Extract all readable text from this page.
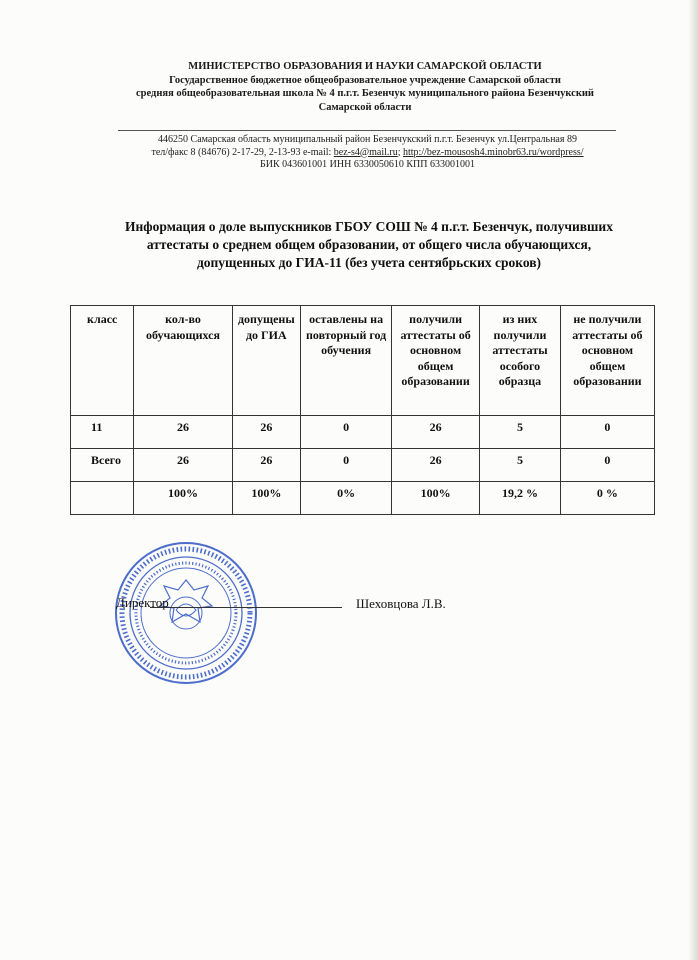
МИНИСТЕРСТВО ОБРАЗОВАНИЯ И НАУКИ САМАРСКОЙ ОБЛАСТИ
Государственное бюджетное общеобразовательное учреждение Самарской области
средняя общеобразовательная школа № 4 п.г.т. Безенчук муниципального района Безенчукский
Самарской области
446250 Самарская область муниципальный район Безенчукский п.г.т. Безенчук ул.Центральная 89
тел/факс 8 (84676) 2-17-29, 2-13-93 e-mail: bez-s4@mail.ru; http://bez-mousosh4.minobr63.ru/wordpress/
БИК 043601001 ИНН 6330050610 КПП 633001001
Информация о доле выпускников ГБОУ СОШ № 4 п.г.т. Безенчук, получивших
аттестаты о среднем общем образовании, от общего числа обучающихся,
допущенных до ГИА-11 (без учета сентябрьских сроков)
класс	кол-во обучающихся	допущены до ГИА	оставлены на повторный год обучения	получили аттестаты об основном общем образовании	из них получили аттестаты особого образца	не получили аттестаты об основном общем образовании
11	26	26	0	26	5	0
Всего	26	26	0	26	5	0
	100%	100%	0%	100%	19,2 %	0 %
Директор	Шеховцова Л.В.
